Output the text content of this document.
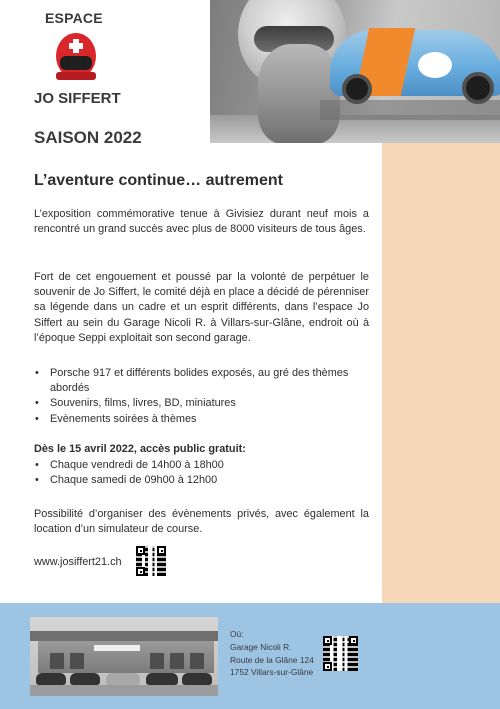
ESPACE
JO SIFFERT
SAISON 2022
L’aventure continue… autrement

L’exposition commémorative tenue à Givisiez durant neuf mois a rencontré un grand succès avec plus de 8000 visiteurs de tous âges.

Fort de cet engouement et poussé par la volonté de perpétuer le souvenir de Jo Siffert, le comité déjà en place a décidé de pérenniser sa légende dans un cadre et un esprit différents, dans l’espace Jo Siffert au sein du Garage Nicoli R. à Villars-sur-Glâne, endroit où à l’époque Seppi exploitait son second garage.

• Porsche 917 et différents bolides exposés, au gré des thèmes abordés
• Souvenirs, films, livres, BD, miniatures
• Evènements soirées à thèmes
Dès le 15 avril 2022, accès public gratuit:
• Chaque vendredi de 14h00 à 18h00
• Chaque samedi de 09h00 à 12h00

Possibilité d’organiser des évènements privés, avec également la location d’un simulateur de course.

www.josiffert21.ch
Où:
Garage Nicoli R.
Route de la Glâne 124
1752 Villars-sur-Glâne
